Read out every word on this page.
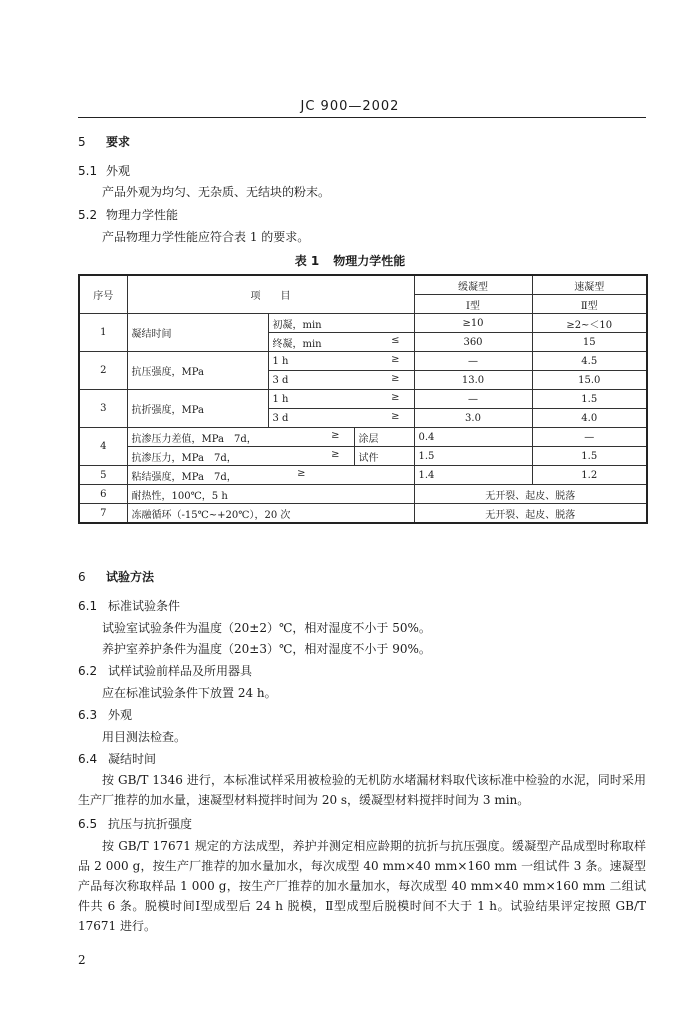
JC 900—2002
5 要求
5.1 外观
产品外观为均匀、无杂质、无结块的粉末。
5.2 物理力学性能
产品物理力学性能应符合表 1 的要求。
表 1 物理力学性能
序号	项　　目			缓凝型	速凝型
				Ⅰ型	Ⅱ型
1	凝结时间	初凝，min		≥10	≥2~＜10
		终凝，min ≤		360	15
2	抗压强度，MPa	1 h ≥		—	4.5
		3 d ≥		13.0	15.0
3	抗折强度，MPa	1 h ≥		—	1.5
		3 d ≥		3.0	4.0
4	抗渗压力差值，MPa　7d， ≥		涂层	0.4	—
	抗渗压力，MPa　7d， ≥		试件	1.5	1.5
5	粘结强度，MPa　7d， ≥			1.4	1.2
6	耐热性，100℃，5 h			无开裂、起皮、脱落	
7	冻融循环（-15℃~+20℃），20 次			无开裂、起皮、脱落	
6 试验方法
6.1 标准试验条件
试验室试验条件为温度（20±2）℃，相对湿度不小于 50%。
养护室养护条件为温度（20±3）℃，相对湿度不小于 90%。
6.2 试样试验前样品及所用器具
应在标准试验条件下放置 24 h。
6.3 外观
用目测法检查。
6.4 凝结时间
按 GB/T 1346 进行，本标准试样采用被检验的无机防水堵漏材料取代该标准中检验的水泥，同时采用生产厂推荐的加水量，速凝型材料搅拌时间为 20 s，缓凝型材料搅拌时间为 3 min。
6.5 抗压与抗折强度
按 GB/T 17671 规定的方法成型，养护并测定相应龄期的抗折与抗压强度。缓凝型产品成型时称取样品 2 000 g，按生产厂推荐的加水量加水，每次成型 40 mm×40 mm×160 mm 一组试件 3 条。速凝型产品每次称取样品 1 000 g，按生产厂推荐的加水量加水，每次成型 40 mm×40 mm×160 mm 二组试件共 6 条。脱模时间Ⅰ型成型后 24 h 脱模，Ⅱ型成型后脱模时间不大于 1 h。试验结果评定按照 GB/T 17671 进行。
2
